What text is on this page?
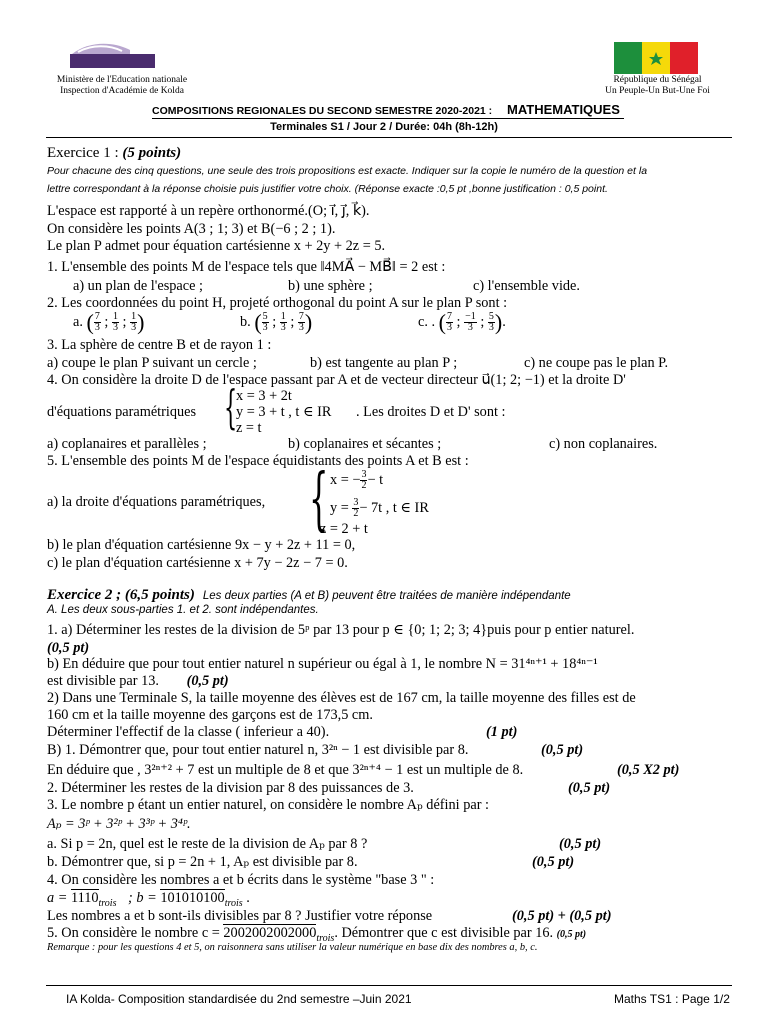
Ministère de l'Education nationale
Inspection d'Académie de Kolda
République du Sénégal
Un Peuple-Un But-Une Foi
COMPOSITIONS REGIONALES DU SECOND SEMESTRE 2020-2021 : MATHEMATIQUES
Terminales S1 / Jour 2 / Durée: 04h (8h-12h)
Exercice 1 : (5 points)
Pour chacune des cinq questions, une seule des trois propositions est exacte. Indiquer sur la copie le numéro de la question et la
lettre correspondant à la réponse choisie puis justifier votre choix. (Réponse exacte :0,5 pt ,bonne justification : 0,5 point.
L'espace est rapporté à un repère orthonormé.(O; i⃗, j⃗, k⃗).
On considère les points A(3 ; 1; 3) et B(−6 ; 2 ; 1).
Le plan P admet pour équation cartésienne x + 2y + 2z = 5.
1. L'ensemble des points M de l'espace tels que ‖4MA⃗ − MB⃗‖ = 2 est :
a) un plan de l'espace ;	b) une sphère ;	c) l'ensemble vide.
2. Les coordonnées du point H, projeté orthogonal du point A sur le plan P sont :
a. ( $\frac{7}{3}$ ; $\frac{1}{3}$ ; $\frac{1}{3}$ )	b. ( $\frac{5}{3}$ ; $\frac{1}{3}$ ; $\frac{7}{3}$ )	c. . ( $\frac{7}{3}$ ; $\frac{-1}{3}$ ; $\frac{5}{3}$ ).
3. La sphère de centre B et de rayon 1 :
a) coupe le plan P suivant un cercle ;	b) est tangente au plan P ;	c) ne coupe pas le plan P.
4. On considère la droite D de l'espace passant par A et de vecteur directeur u⃗(1; 2; −1) et la droite D'
d'équations paramétriques {
x = 3 + 2t
y = 3 + t , t ∈ IR
z = t
. Les droites D et D' sont :
a) coplanaires et parallèles ;	b) coplanaires et sécantes ;	c) non coplanaires.
5. L'ensemble des points M de l'espace équidistants des points A et B est :
a) la droite d'équations paramétriques, { x = − $\frac{3}{2} - t$
$y = \frac{3}{2} - 7t$ , t ∈ IR
z = 2 + t
b) le plan d'équation cartésienne 9x − y + 2z + 11 = 0,
c) le plan d'équation cartésienne x + 7y − 2z − 7 = 0.
Exercice 2 ; (6,5 points) Les deux parties (A et B) peuvent être traitées de manière indépendante
A. Les deux sous-parties 1. et 2. sont indépendantes.
1. a) Déterminer les restes de la division de 5ᵖ par 13 pour p ∈ {0; 1; 2; 3; 4}puis pour p entier naturel.
(0,5 pt)
b) En déduire que pour tout entier naturel n supérieur ou égal à 1, le nombre N = 31⁴ⁿ⁺¹ + 18⁴ⁿ⁻¹
est divisible par 13. (0,5 pt)
2) Dans une Terminale S, la taille moyenne des élèves est de 167 cm, la taille moyenne des filles est de
160 cm et la taille moyenne des garçons est de 173,5 cm.
Déterminer l'effectif de la classe ( inferieur a 40).	(1 pt)
B) 1. Démontrer que, pour tout entier naturel n, 3²ⁿ − 1 est divisible par 8.	(0,5 pt)
En déduire que , 3²ⁿ⁺² + 7 est un multiple de 8 et que 3²ⁿ⁺⁴ − 1 est un multiple de 8.	(0,5 X2 pt)
2. Déterminer les restes de la division par 8 des puissances de 3.	(0,5 pt)
3. Le nombre p étant un entier naturel, on considère le nombre Aₚ défini par :
Aₚ = 3ᵖ + 3²ᵖ + 3³ᵖ + 3⁴ᵖ.
a. Si p = 2n, quel est le reste de la division de Aₚ par 8 ?	(0,5 pt)
b. Démontrer que, si p = 2n + 1, Aₚ est divisible par 8.	(0,5 pt)
4. On considère les nombres a et b écrits dans le système "base 3 " :
$a = 1110_{trois}$ ; $b = 101010100_{trois}$ .
Les nombres a et b sont-ils divisibles par 8 ? Justifier votre réponse	(0,5 pt) + (0,5 pt)
5. On considère le nombre $c = 2002002002000_{trois}$. Démontrer que c est divisible par 16. (0,5 pt)
Remarque : pour les questions 4 et 5, on raisonnera sans utiliser la valeur numérique en base dix des nombres a, b, c.
IA Kolda- Composition standardisée du 2nd semestre –Juin 2021	Maths TS1 : Page 1/2
